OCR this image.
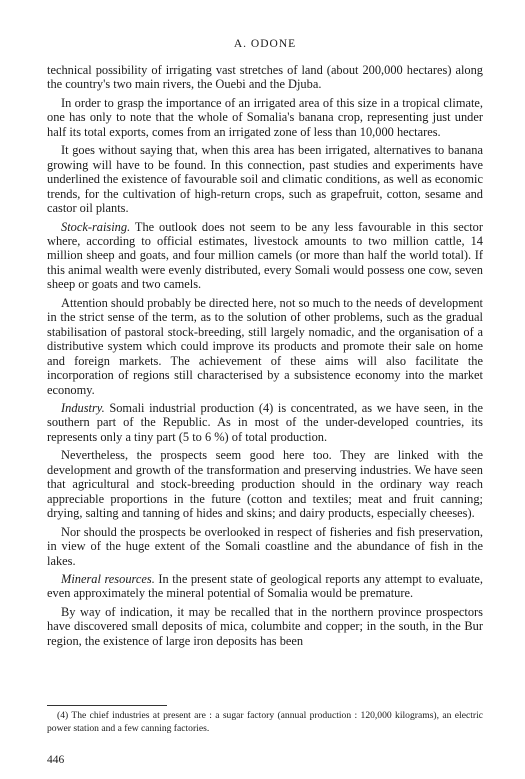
A. ODONE

technical possibility of irrigating vast stretches of land (about 200,000 hectares) along the country's two main rivers, the Ouebi and the Djuba.

In order to grasp the importance of an irrigated area of this size in a tropical climate, one has only to note that the whole of Somalia's banana crop, representing just under half its total exports, comes from an irrigated zone of less than 10,000 hectares.

It goes without saying that, when this area has been irrigated, alternatives to banana growing will have to be found. In this connection, past studies and experiments have underlined the existence of favourable soil and climatic conditions, as well as economic trends, for the cultivation of high-return crops, such as grapefruit, cotton, sesame and castor oil plants.

Stock-raising. The outlook does not seem to be any less favourable in this sector where, according to official estimates, livestock amounts to two million cattle, 14 million sheep and goats, and four million camels (or more than half the world total). If this animal wealth were evenly distributed, every Somali would possess one cow, seven sheep or goats and two camels.

Attention should probably be directed here, not so much to the needs of development in the strict sense of the term, as to the solution of other problems, such as the gradual stabilisation of pastoral stock-breeding, still largely nomadic, and the organisation of a distributive system which could improve its products and promote their sale on home and foreign markets. The achievement of these aims will also facilitate the incorporation of regions still characterised by a subsistence economy into the market economy.

Industry. Somali industrial production (4) is concentrated, as we have seen, in the southern part of the Republic. As in most of the under-developed countries, its represents only a tiny part (5 to 6 %) of total production.

Nevertheless, the prospects seem good here too. They are linked with the development and growth of the transformation and preserving industries. We have seen that agricultural and stock-breeding production should in the ordinary way reach appreciable proportions in the future (cotton and textiles; meat and fruit canning; drying, salting and tanning of hides and skins; and dairy products, especially cheeses).

Nor should the prospects be overlooked in respect of fisheries and fish preservation, in view of the huge extent of the Somali coastline and the abundance of fish in the lakes.

Mineral resources. In the present state of geological reports any attempt to evaluate, even approximately the mineral potential of Somalia would be premature.

By way of indication, it may be recalled that in the northern province prospectors have discovered small deposits of mica, columbite and copper; in the south, in the Bur region, the existence of large iron deposits has been

(4) The chief industries at present are : a sugar factory (annual production : 120,000 kilograms), an electric power station and a few canning factories.

446
